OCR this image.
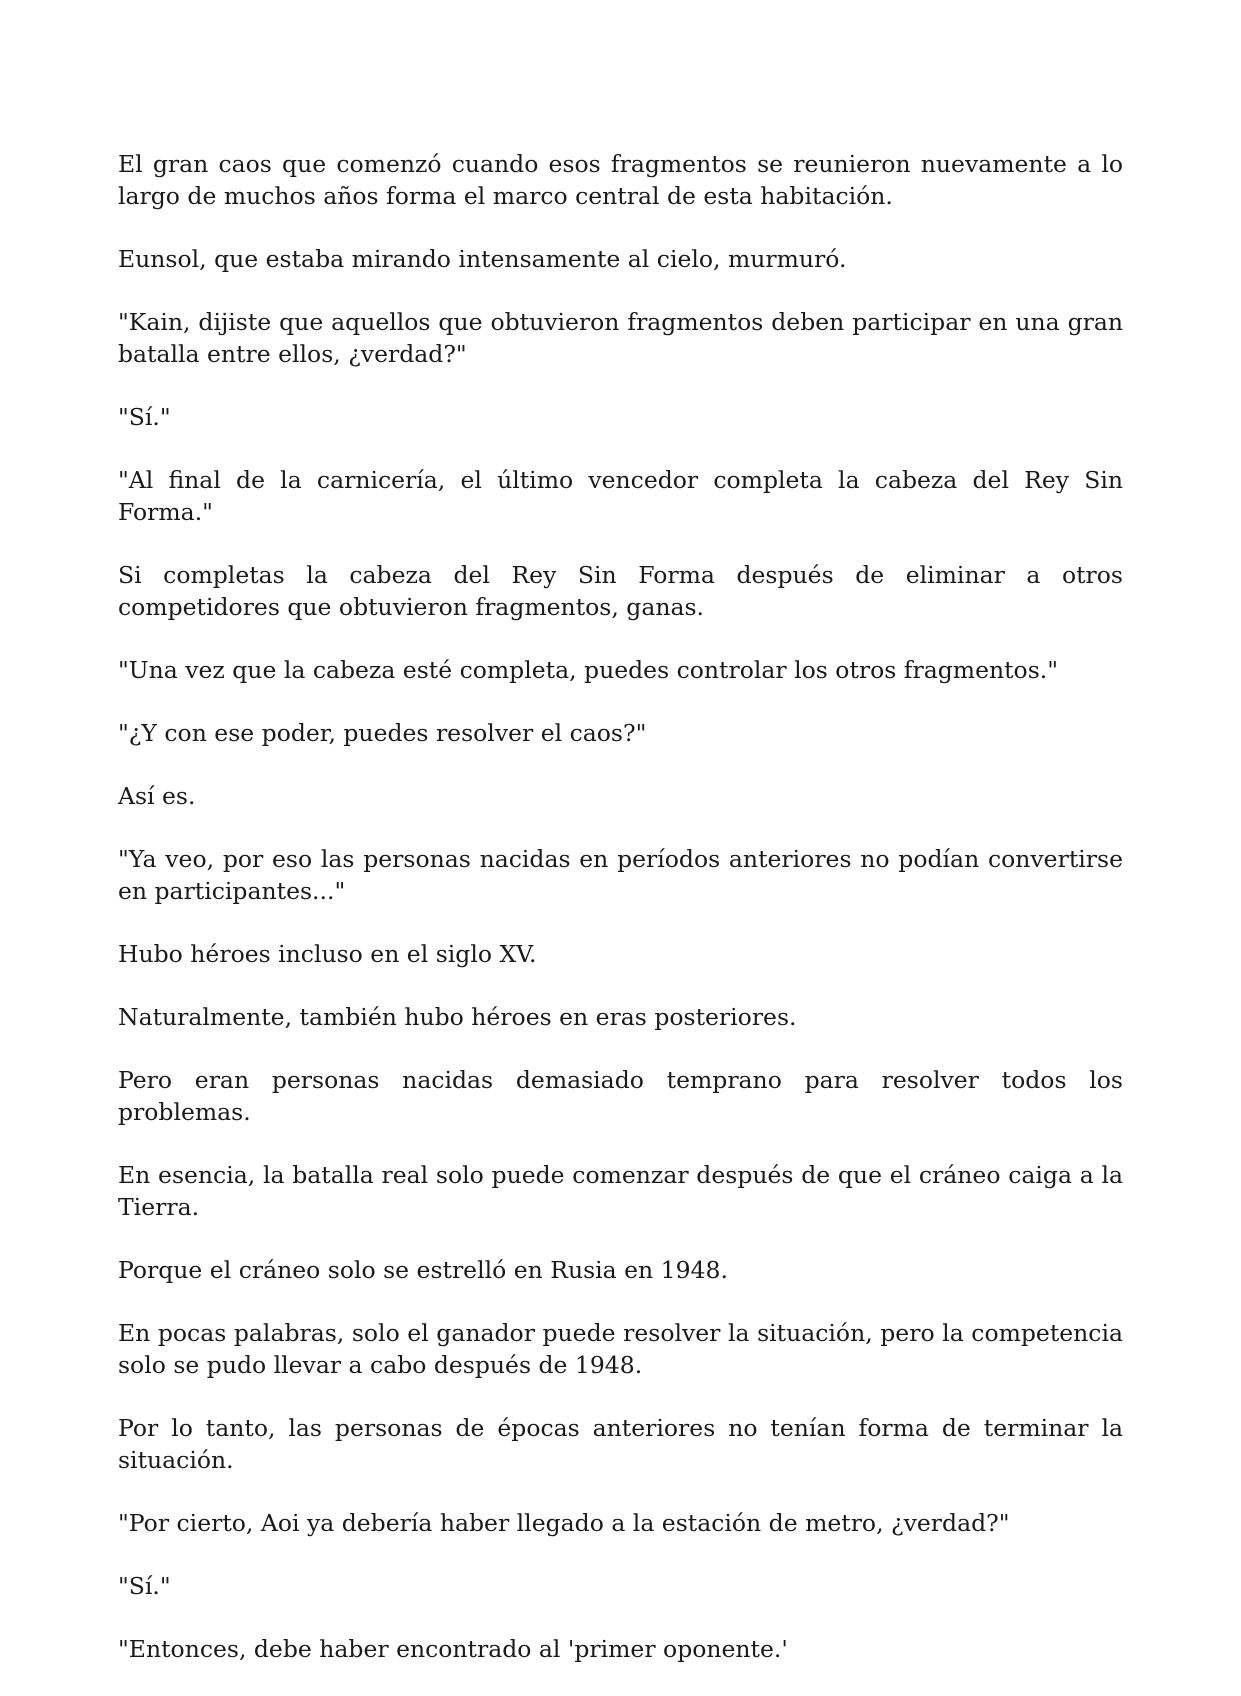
El gran caos que comenzó cuando esos fragmentos se reunieron nuevamente a lo largo de muchos años forma el marco central de esta habitación.

Eunsol, que estaba mirando intensamente al cielo, murmuró.

"Kain, dijiste que aquellos que obtuvieron fragmentos deben participar en una gran batalla entre ellos, ¿verdad?"

"Sí."

"Al final de la carnicería, el último vencedor completa la cabeza del Rey Sin Forma."

Si completas la cabeza del Rey Sin Forma después de eliminar a otros competidores que obtuvieron fragmentos, ganas.

"Una vez que la cabeza esté completa, puedes controlar los otros fragmentos."

"¿Y con ese poder, puedes resolver el caos?"

Así es.

"Ya veo, por eso las personas nacidas en períodos anteriores no podían convertirse en participantes..."

Hubo héroes incluso en el siglo XV.

Naturalmente, también hubo héroes en eras posteriores.

Pero eran personas nacidas demasiado temprano para resolver todos los problemas.

En esencia, la batalla real solo puede comenzar después de que el cráneo caiga a la Tierra.

Porque el cráneo solo se estrelló en Rusia en 1948.

En pocas palabras, solo el ganador puede resolver la situación, pero la competencia solo se pudo llevar a cabo después de 1948.

Por lo tanto, las personas de épocas anteriores no tenían forma de terminar la situación.

"Por cierto, Aoi ya debería haber llegado a la estación de metro, ¿verdad?"

"Sí."

"Entonces, debe haber encontrado al 'primer oponente.'
